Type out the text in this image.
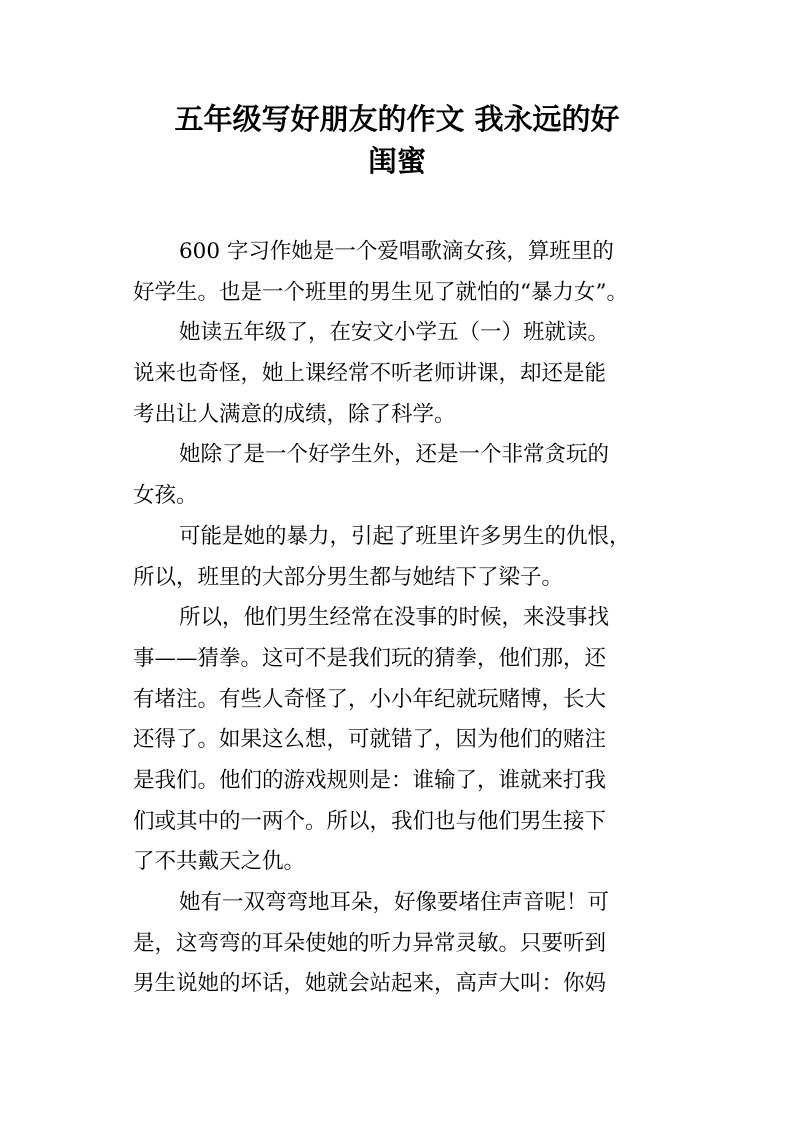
五年级写好朋友的作文 我永远的好
闺蜜
600 字习作她是一个爱唱歌滴女孩，算班里的
好学生。也是一个班里的男生见了就怕的“暴力女”。
她读五年级了，在安文小学五（一）班就读。
说来也奇怪，她上课经常不听老师讲课，却还是能
考出让人满意的成绩，除了科学。
她除了是一个好学生外，还是一个非常贪玩的
女孩。
可能是她的暴力，引起了班里许多男生的仇恨，
所以，班里的大部分男生都与她结下了梁子。
所以，他们男生经常在没事的时候，来没事找
事——猜拳。这可不是我们玩的猜拳，他们那，还
有堵注。有些人奇怪了，小小年纪就玩赌博，长大
还得了。如果这么想，可就错了，因为他们的赌注
是我们。他们的游戏规则是：谁输了，谁就来打我
们或其中的一两个。所以，我们也与他们男生接下
了不共戴天之仇。
她有一双弯弯地耳朵，好像要堵住声音呢！可
是，这弯弯的耳朵使她的听力异常灵敏。只要听到
男生说她的坏话，她就会站起来，高声大叫：你妈
